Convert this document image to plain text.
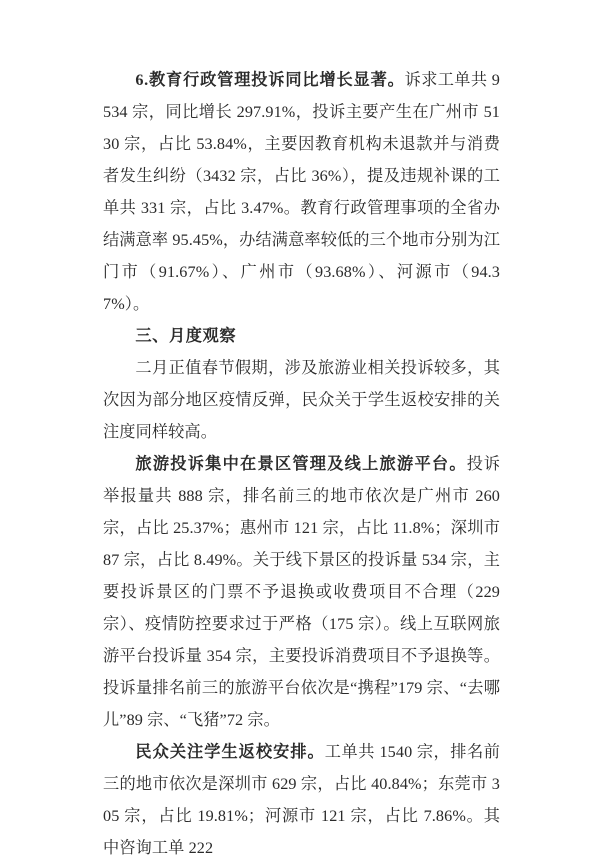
6.教育行政管理投诉同比增长显著。诉求工单共 9534 宗，同比增长 297.91%，投诉主要产生在广州市 5130 宗，占比 53.84%，主要因教育机构未退款并与消费者发生纠纷（3432 宗，占比 36%），提及违规补课的工单共 331 宗，占比 3.47%。教育行政管理事项的全省办结满意率 95.45%，办结满意率较低的三个地市分别为江门市（91.67%）、广州市（93.68%）、河源市（94.37%）。

三、月度观察

二月正值春节假期，涉及旅游业相关投诉较多，其次因为部分地区疫情反弹，民众关于学生返校安排的关注度同样较高。

旅游投诉集中在景区管理及线上旅游平台。投诉举报量共 888 宗，排名前三的地市依次是广州市 260 宗，占比 25.37%；惠州市 121 宗，占比 11.8%；深圳市 87 宗，占比 8.49%。关于线下景区的投诉量 534 宗，主要投诉景区的门票不予退换或收费项目不合理（229 宗）、疫情防控要求过于严格（175 宗）。线上互联网旅游平台投诉量 354 宗，主要投诉消费项目不予退换等。投诉量排名前三的旅游平台依次是“携程”179 宗、“去哪儿”89 宗、“飞猪”72 宗。

民众关注学生返校安排。工单共 1540 宗，排名前三的地市依次是深圳市 629 宗，占比 40.84%；东莞市 305 宗，占比 19.81%；河源市 121 宗，占比 7.86%。其中咨询工单 222
